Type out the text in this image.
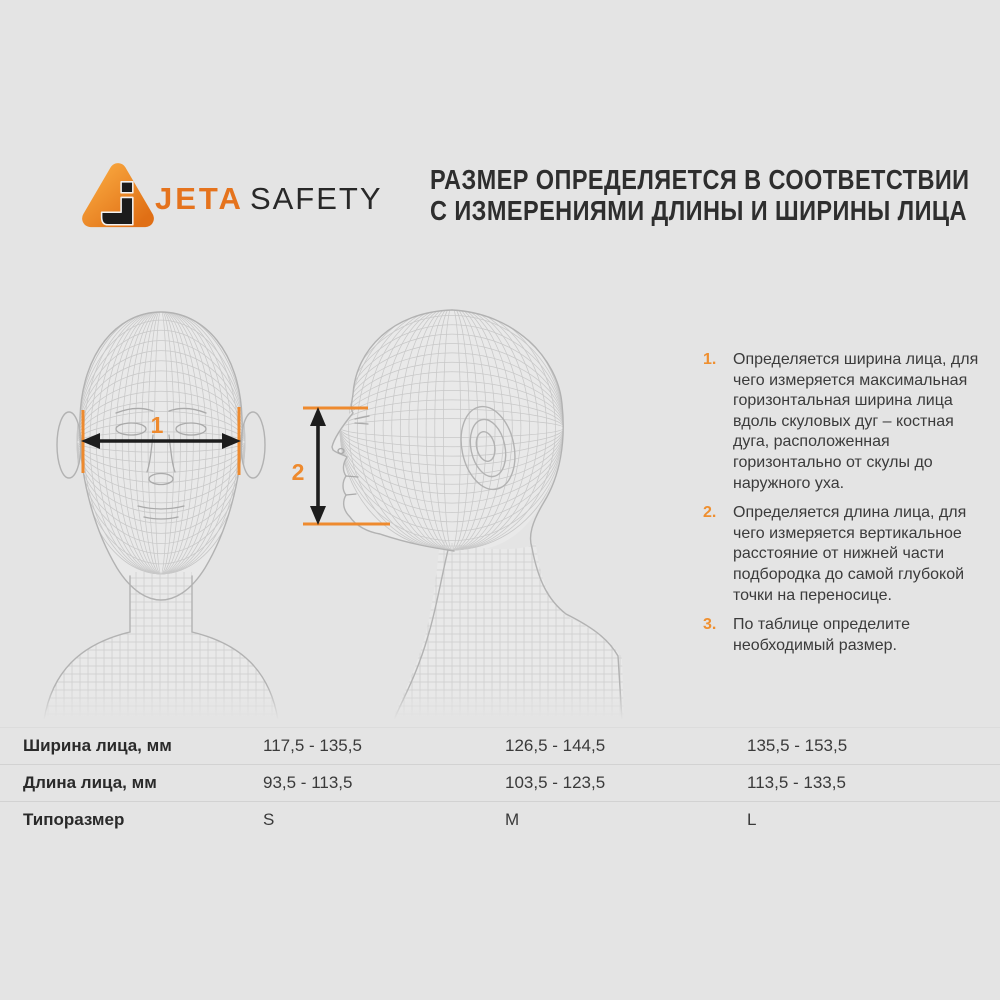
JETA SAFETY
РАЗМЕР ОПРЕДЕЛЯЕТСЯ В СООТВЕТСТВИИ
С ИЗМЕРЕНИЯМИ ДЛИНЫ И ШИРИНЫ ЛИЦА
1
2
1. Определяется ширина лица, для чего измеряется максимальная горизонтальная ширина лица вдоль скуловых дуг – костная дуга, расположенная горизонтально от скулы до наружного уха.
2. Определяется длина лица, для чего измеряется вертикальное расстояние от нижней части подбородка до самой глубокой точки на переносице.
3. По таблице определите необходимый размер.
Ширина лица, мм	117,5 - 135,5	126,5 - 144,5	135,5 - 153,5
Длина лица, мм	93,5 - 113,5	103,5 - 123,5	113,5 - 133,5
Типоразмер	S	M	L
